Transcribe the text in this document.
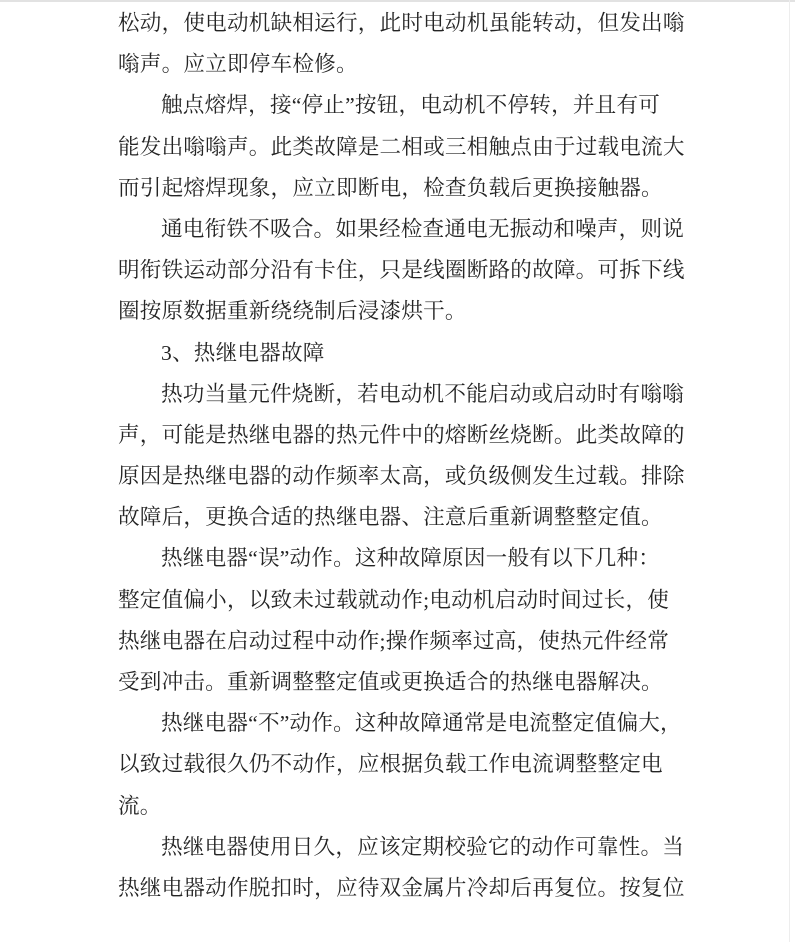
松动，使电动机缺相运行，此时电动机虽能转动，但发出嗡
嗡声。应立即停车检修。
触点熔焊，接“停止”按钮，电动机不停转，并且有可
能发出嗡嗡声。此类故障是二相或三相触点由于过载电流大
而引起熔焊现象，应立即断电，检查负载后更换接触器。
通电衔铁不吸合。如果经检查通电无振动和噪声，则说
明衔铁运动部分沿有卡住，只是线圈断路的故障。可拆下线
圈按原数据重新绕绕制后浸漆烘干。
3、热继电器故障
热功当量元件烧断，若电动机不能启动或启动时有嗡嗡
声，可能是热继电器的热元件中的熔断丝烧断。此类故障的
原因是热继电器的动作频率太高，或负级侧发生过载。排除
故障后，更换合适的热继电器、注意后重新调整整定值。
热继电器“误”动作。这种故障原因一般有以下几种：
整定值偏小，以致未过载就动作;电动机启动时间过长，使
热继电器在启动过程中动作;操作频率过高，使热元件经常
受到冲击。重新调整整定值或更换适合的热继电器解决。
热继电器“不”动作。这种故障通常是电流整定值偏大，
以致过载很久仍不动作，应根据负载工作电流调整整定电
流。
热继电器使用日久，应该定期校验它的动作可靠性。当
热继电器动作脱扣时，应待双金属片冷却后再复位。按复位
